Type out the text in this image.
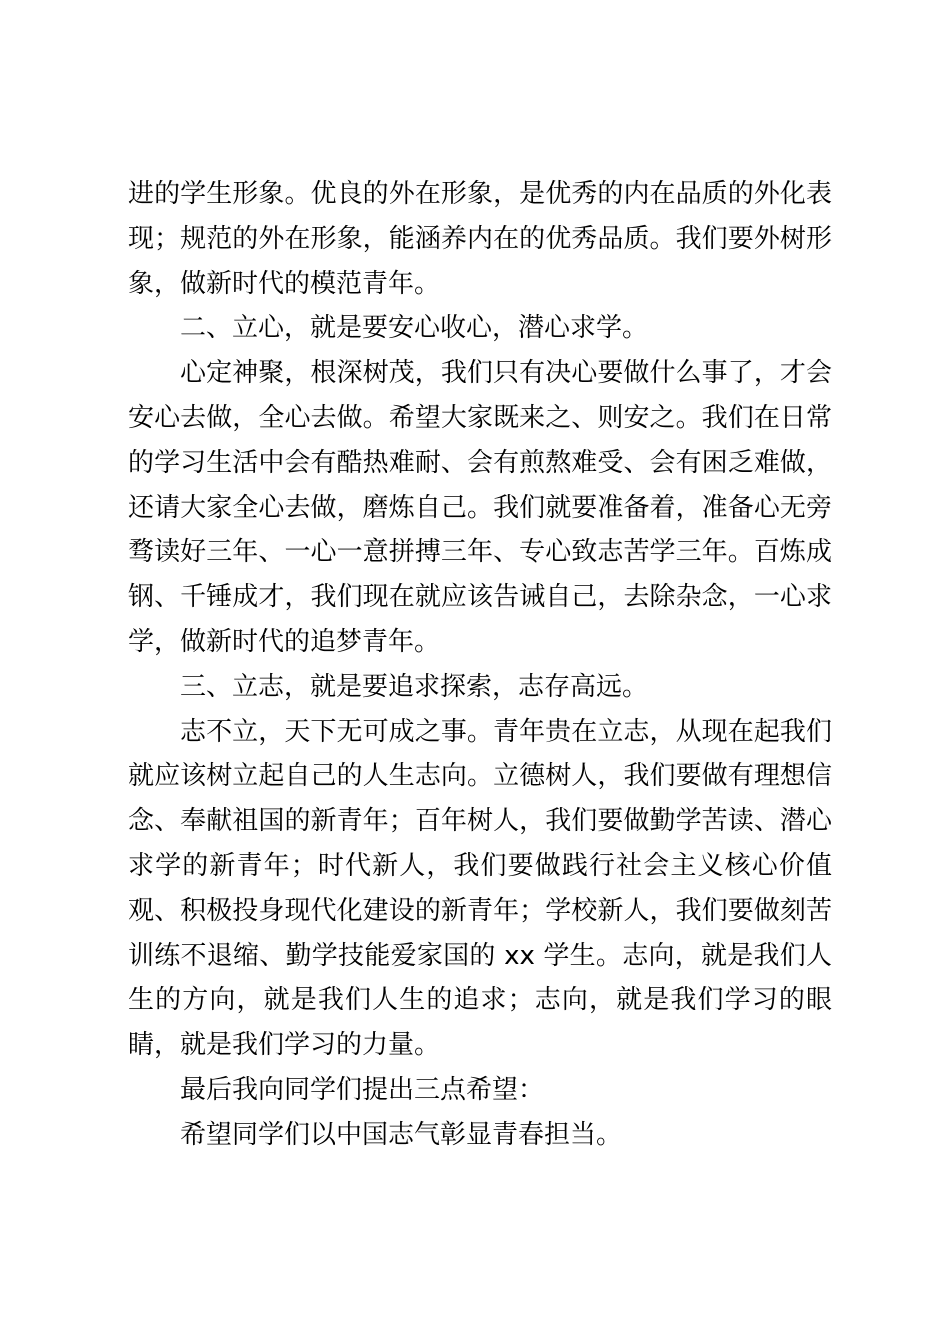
进的学生形象。优良的外在形象，是优秀的内在品质的外化表现；规范的外在形象，能涵养内在的优秀品质。我们要外树形象，做新时代的模范青年。

二、立心，就是要安心收心，潜心求学。

心定神聚，根深树茂，我们只有决心要做什么事了，才会安心去做，全心去做。希望大家既来之、则安之。我们在日常的学习生活中会有酷热难耐、会有煎熬难受、会有困乏难做，还请大家全心去做，磨炼自己。我们就要准备着，准备心无旁骛读好三年、一心一意拼搏三年、专心致志苦学三年。百炼成钢、千锤成才，我们现在就应该告诫自己，去除杂念，一心求学，做新时代的追梦青年。

三、立志，就是要追求探索，志存高远。

志不立，天下无可成之事。青年贵在立志，从现在起我们就应该树立起自己的人生志向。立德树人，我们要做有理想信念、奉献祖国的新青年；百年树人，我们要做勤学苦读、潜心求学的新青年；时代新人，我们要做践行社会主义核心价值观、积极投身现代化建设的新青年；学校新人，我们要做刻苦训练不退缩、勤学技能爱家国的 xx 学生。志向，就是我们人生的方向，就是我们人生的追求；志向，就是我们学习的眼睛，就是我们学习的力量。

最后我向同学们提出三点希望：

希望同学们以中国志气彰显青春担当。
